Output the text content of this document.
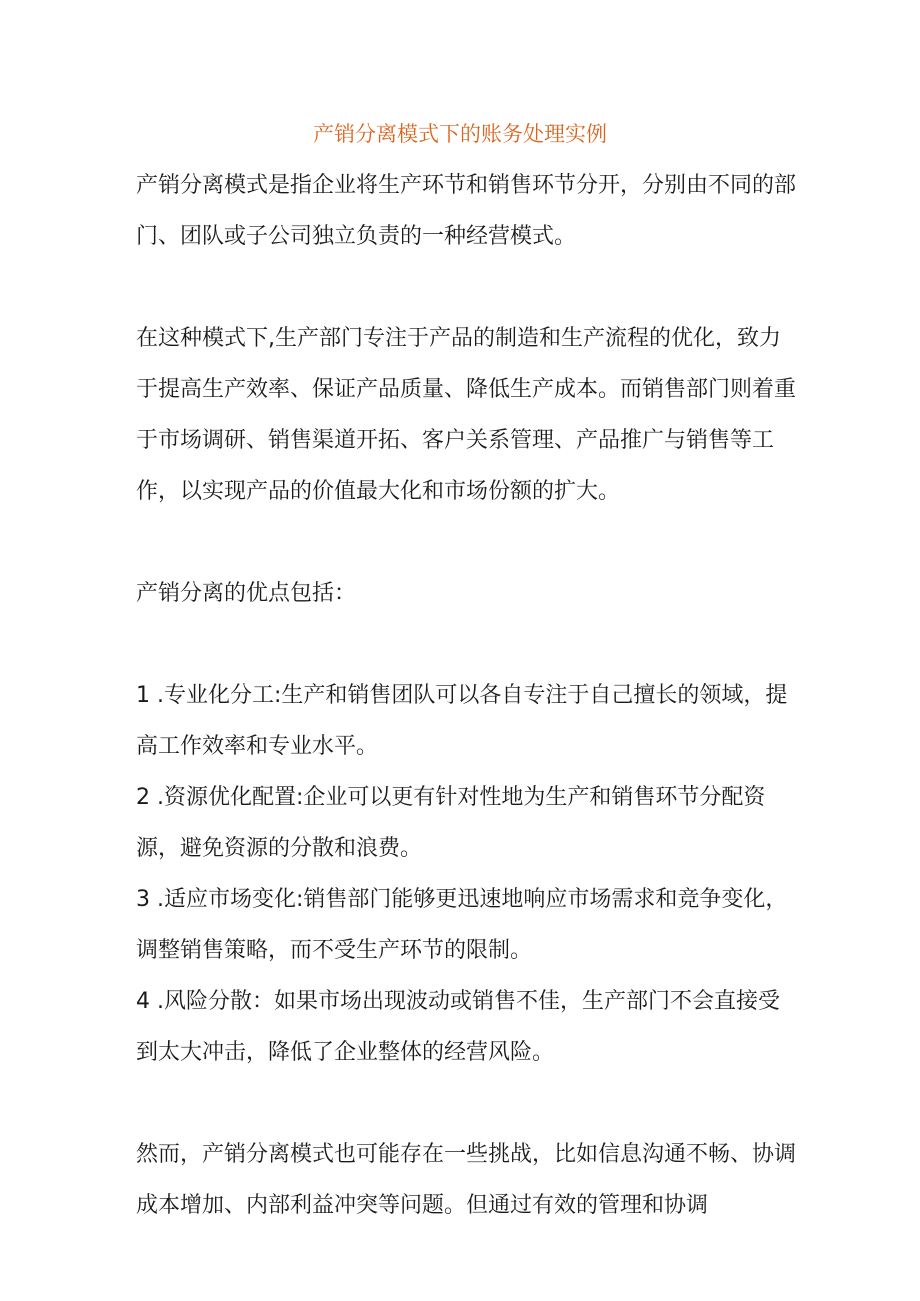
产销分离模式下的账务处理实例

产销分离模式是指企业将生产环节和销售环节分开，分别由不同的部门、团队或子公司独立负责的一种经营模式。

在这种模式下,生产部门专注于产品的制造和生产流程的优化，致力于提高生产效率、保证产品质量、降低生产成本。而销售部门则着重于市场调研、销售渠道开拓、客户关系管理、产品推广与销售等工作，以实现产品的价值最大化和市场份额的扩大。

产销分离的优点包括：

1 .专业化分工:生产和销售团队可以各自专注于自己擅长的领域，提高工作效率和专业水平。

2 .资源优化配置:企业可以更有针对性地为生产和销售环节分配资源，避免资源的分散和浪费。

3 .适应市场变化:销售部门能够更迅速地响应市场需求和竞争变化，调整销售策略，而不受生产环节的限制。

4 .风险分散：如果市场出现波动或销售不佳，生产部门不会直接受到太大冲击，降低了企业整体的经营风险。

然而，产销分离模式也可能存在一些挑战，比如信息沟通不畅、协调成本增加、内部利益冲突等问题。但通过有效的管理和协调
